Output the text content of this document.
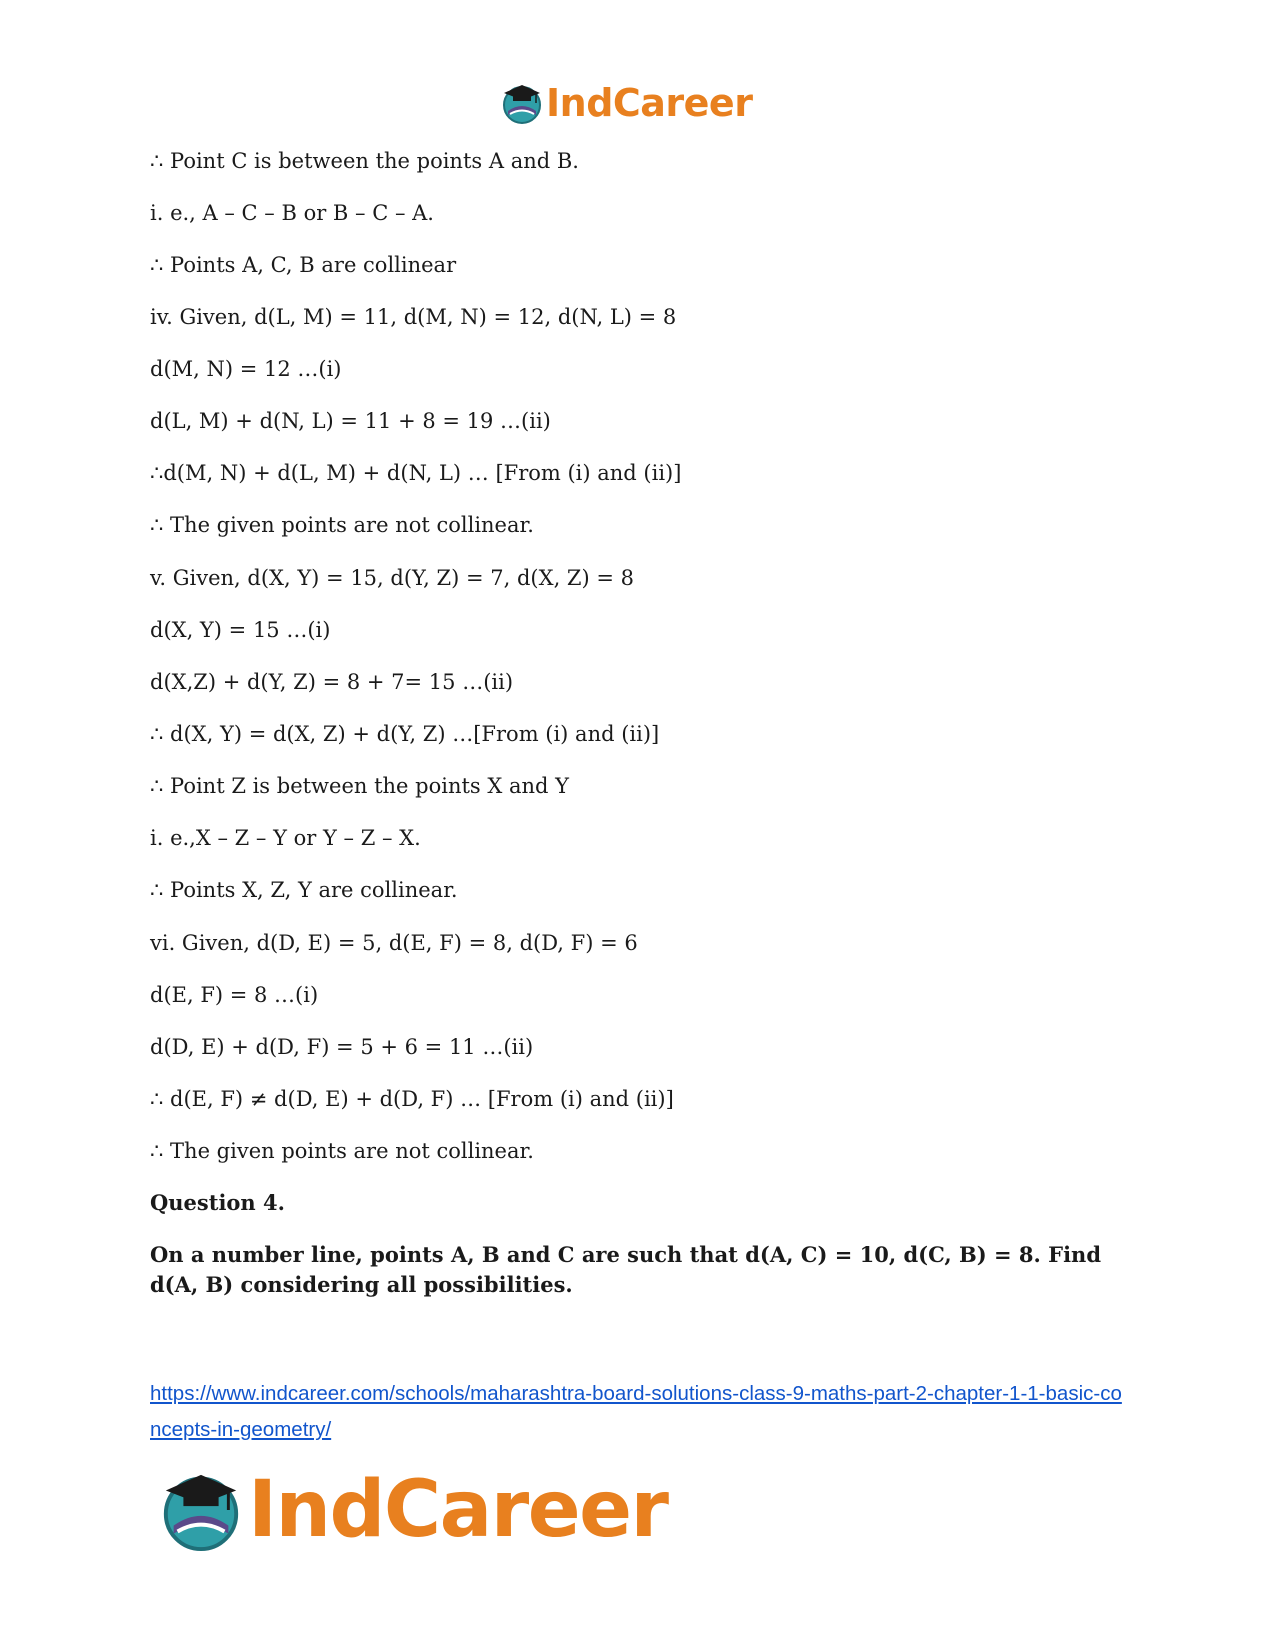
IndCareer
∴ Point C is between the points A and B.
i. e., A – C – B or B – C – A.
∴ Points A, C, B are collinear
iv. Given, d(L, M) = 11, d(M, N) = 12, d(N, L) = 8
d(M, N) = 12 …(i)
d(L, M) + d(N, L) = 11 + 8 = 19 …(ii)
∴d(M, N) + d(L, M) + d(N, L) … [From (i) and (ii)]
∴ The given points are not collinear.
v. Given, d(X, Y) = 15, d(Y, Z) = 7, d(X, Z) = 8
d(X, Y) = 15 …(i)
d(X,Z) + d(Y, Z) = 8 + 7= 15 …(ii)
∴ d(X, Y) = d(X, Z) + d(Y, Z) …[From (i) and (ii)]
∴ Point Z is between the points X and Y
i. e.,X – Z – Y or Y – Z – X.
∴ Points X, Z, Y are collinear.
vi. Given, d(D, E) = 5, d(E, F) = 8, d(D, F) = 6
d(E, F) = 8 …(i)
d(D, E) + d(D, F) = 5 + 6 = 11 …(ii)
∴ d(E, F) ≠ d(D, E) + d(D, F) … [From (i) and (ii)]
∴ The given points are not collinear.
Question 4.
On a number line, points A, B and C are such that d(A, C) = 10, d(C, B) = 8. Find d(A, B) considering all possibilities.
https://www.indcareer.com/schools/maharashtra-board-solutions-class-9-maths-part-2-chapter-1-1-basic-concepts-in-geometry/
IndCareer
